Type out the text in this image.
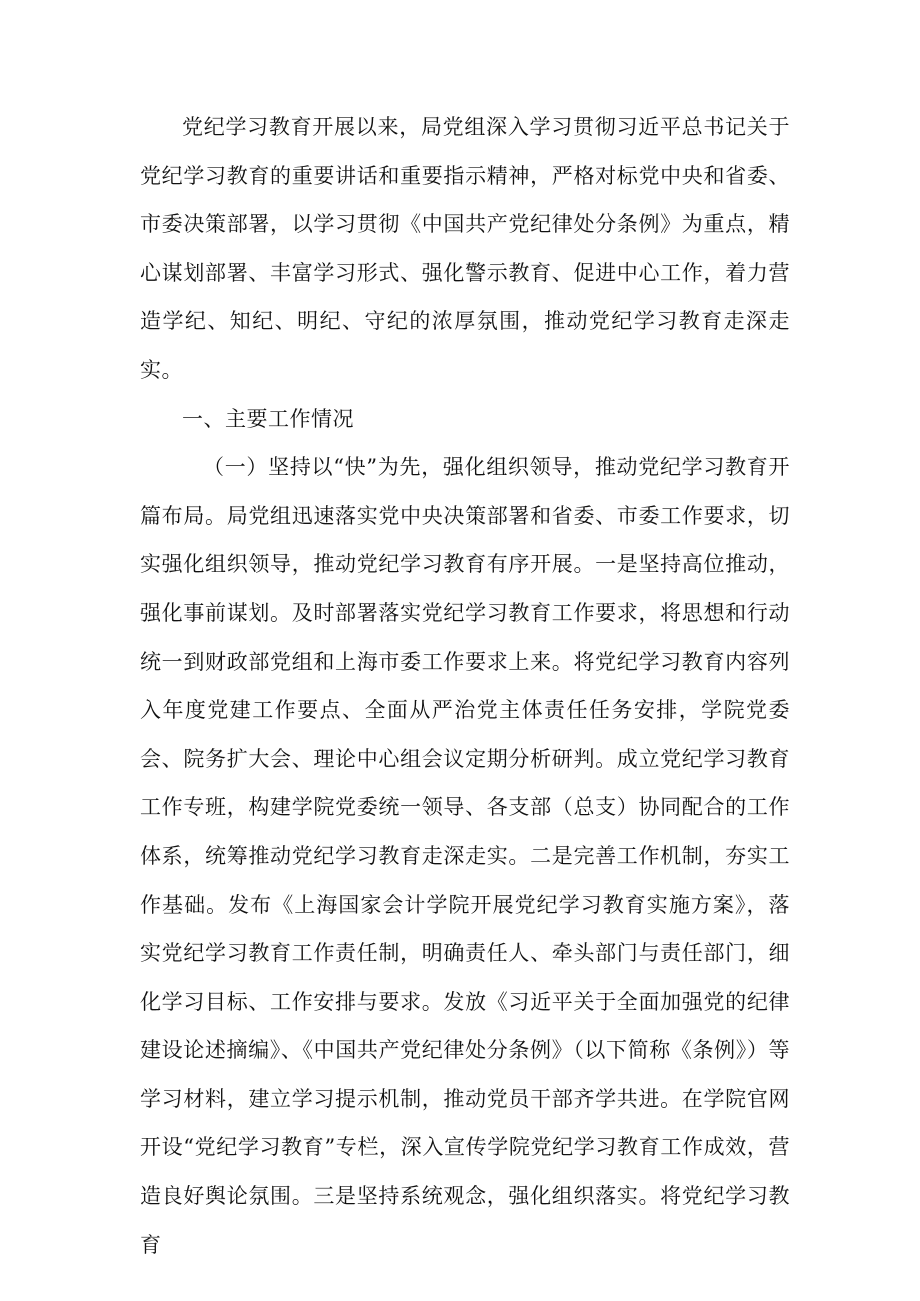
党纪学习教育开展以来，局党组深入学习贯彻习近平总书记关于党纪学习教育的重要讲话和重要指示精神，严格对标党中央和省委、市委决策部署，以学习贯彻《中国共产党纪律处分条例》为重点，精心谋划部署、丰富学习形式、强化警示教育、促进中心工作，着力营造学纪、知纪、明纪、守纪的浓厚氛围，推动党纪学习教育走深走实。

一、主要工作情况

（一）坚持以“快”为先，强化组织领导，推动党纪学习教育开篇布局。局党组迅速落实党中央决策部署和省委、市委工作要求，切实强化组织领导，推动党纪学习教育有序开展。一是坚持高位推动，强化事前谋划。及时部署落实党纪学习教育工作要求，将思想和行动统一到财政部党组和上海市委工作要求上来。将党纪学习教育内容列入年度党建工作要点、全面从严治党主体责任任务安排，学院党委会、院务扩大会、理论中心组会议定期分析研判。成立党纪学习教育工作专班，构建学院党委统一领导、各支部（总支）协同配合的工作体系，统筹推动党纪学习教育走深走实。二是完善工作机制，夯实工作基础。发布《上海国家会计学院开展党纪学习教育实施方案》，落实党纪学习教育工作责任制，明确责任人、牵头部门与责任部门，细化学习目标、工作安排与要求。发放《习近平关于全面加强党的纪律建设论述摘编》、《中国共产党纪律处分条例》（以下简称《条例》）等学习材料，建立学习提示机制，推动党员干部齐学共进。在学院官网开设“党纪学习教育”专栏，深入宣传学院党纪学习教育工作成效，营造良好舆论氛围。三是坚持系统观念，强化组织落实。将党纪学习教育
